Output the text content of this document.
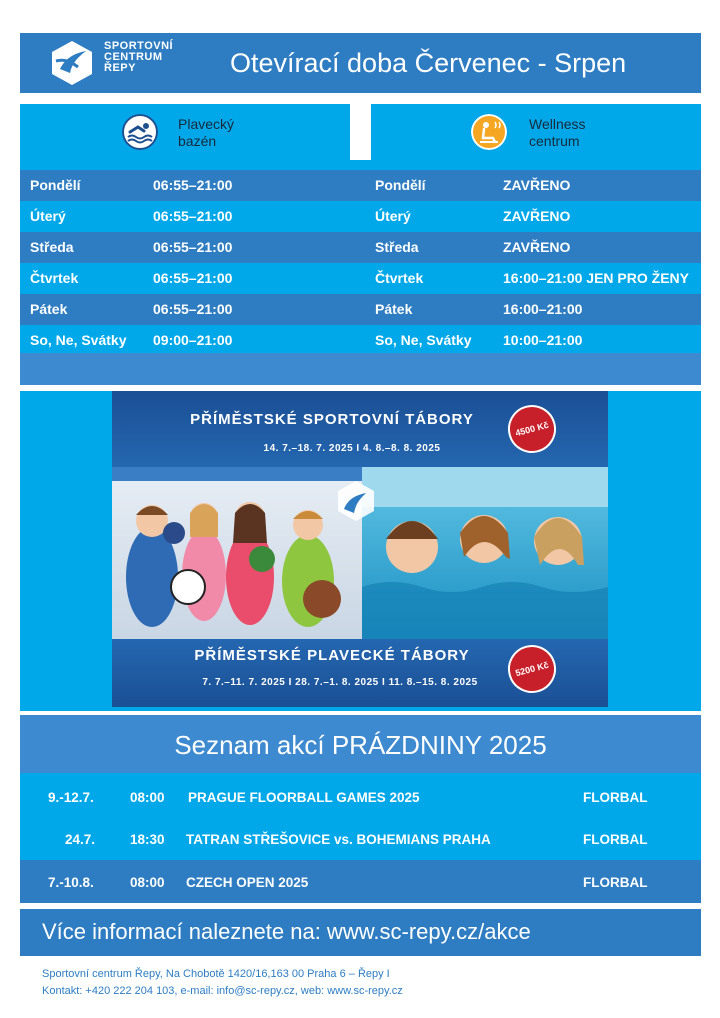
SPORTOVNÍ
CENTRUM
ŘEPY	Otevírací doba Červenec - Srpen
Plavecký
bazén
Wellness
centrum
Pondělí	06:55–21:00	Pondělí	ZAVŘENO
Úterý	06:55–21:00	Úterý	ZAVŘENO
Středa	06:55–21:00	Středa	ZAVŘENO
Čtvrtek	06:55–21:00	Čtvrtek	16:00–21:00 JEN PRO ŽENY
Pátek	06:55–21:00	Pátek	16:00–21:00
So, Ne, Svátky 09:00–21:00	So, Ne, Svátky 10:00–21:00
PŘÍMĚSTSKÉ SPORTOVNÍ TÁBORY
14. 7.–18. 7. 2025 I 4. 8.–8. 8. 2025
4500 Kč
PŘÍMĚSTSKÉ PLAVECKÉ TÁBORY
7. 7.–11. 7. 2025 I 28. 7.–1. 8. 2025 I 11. 8.–15. 8. 2025
5200 Kč
Seznam akcí PRÁZDNINY 2025
9.-12.7.	08:00 PRAGUE FLOORBALL GAMES 2025	FLORBAL
24.7.	18:30 TATRAN STŘEŠOVICE vs. BOHEMIANS PRAHA	FLORBAL
7.-10.8.	08:00 CZECH OPEN 2025	FLORBAL
Více informací naleznete na: www.sc-repy.cz/akce
Sportovní centrum Řepy, Na Chobotě 1420/16,163 00 Praha 6 – Řepy I
Kontakt: +420 222 204 103, e-mail: info@sc-repy.cz, web: www.sc-repy.cz
